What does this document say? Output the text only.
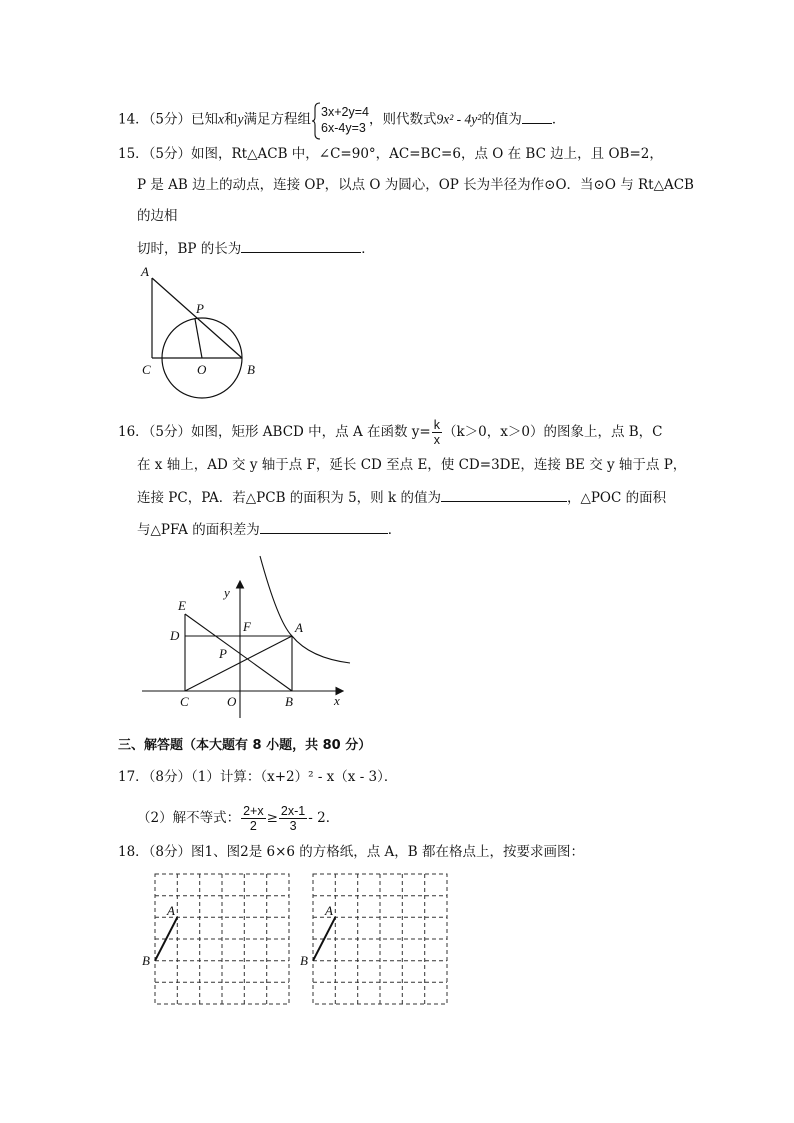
14．（5分）已知x和y满足方程组 3x+2y=4
6x-4y=3
，则代数式9x² - 4y²的值为 ．
15．（5分）如图，Rt△ACB 中，∠C=90°，AC=BC=6，点 O 在 BC 边上，且 OB=2，
P 是 AB 边上的动点，连接 OP，以点 O 为圆心，OP 长为半径为作⊙O．当⊙O 与 Rt△ACB
的边相
切时，BP 的长为	．
A
P
C	O	B
16．（5分）如图，矩形 ABCD 中，点 A 在函数 $y= \frac{k}{x} (k>0$，x＞0）的图象上，点 B，C
在 x 轴上，AD 交 y 轴于点 F，延长 CD 至点 E，使 CD=3DE，连接 BE 交 y 轴于点 P，
连接 PC，PA．若△PCB 的面积为 5，则 k 的值为	，△POC 的面积
与△PFA 的面积差为	．
y
x
E
D
F	A
P
C	O	B
三、解答题（本大题有 8 小题，共 80 分）
17．（8分）（1）计算：（x+2）² - x（x - 3）．
（2）解不等式： $\frac{2+x}{2} \ge \frac{2x-1}{3} - 2$．
18．（8分）图1、图2是 6×6 的方格纸，点 A，B 都在格点上，按要求画图：
A
B
A
B
